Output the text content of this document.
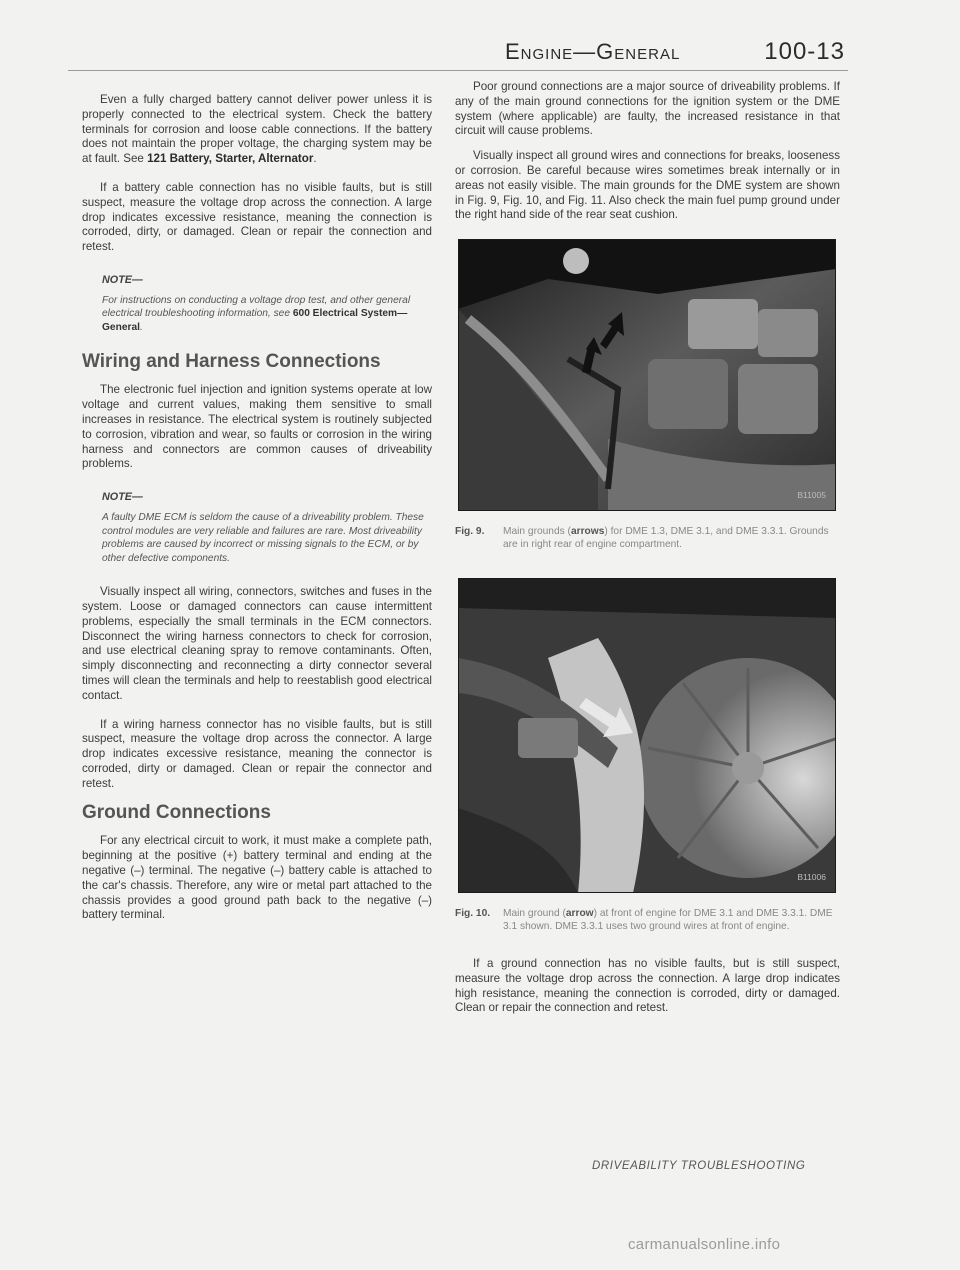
Engine—General	100-13

Even a fully charged battery cannot deliver power unless it is properly connected to the electrical system. Check the battery terminals for corrosion and loose cable connections. If the battery does not maintain the proper voltage, the charging system may be at fault. See 121 Battery, Starter, Alternator.

If a battery cable connection has no visible faults, but is still suspect, measure the voltage drop across the connection. A large drop indicates excessive resistance, meaning the connection is corroded, dirty, or damaged. Clean or repair the connection and retest.

NOTE—
For instructions on conducting a voltage drop test, and other general electrical troubleshooting information, see 600 Electrical System—General.
Wiring and Harness Connections

The electronic fuel injection and ignition systems operate at low voltage and current values, making them sensitive to small increases in resistance. The electrical system is routinely subjected to corrosion, vibration and wear, so faults or corrosion in the wiring harness and connectors are common causes of driveability problems.

NOTE—
A faulty DME ECM is seldom the cause of a driveability problem. These control modules are very reliable and failures are rare. Most driveability problems are caused by incorrect or missing signals to the ECM, or by other defective components.

Visually inspect all wiring, connectors, switches and fuses in the system. Loose or damaged connectors can cause intermittent problems, especially the small terminals in the ECM connectors. Disconnect the wiring harness connectors to check for corrosion, and use electrical cleaning spray to remove contaminants. Often, simply disconnecting and reconnecting a dirty connector several times will clean the terminals and help to reestablish good electrical contact.

If a wiring harness connector has no visible faults, but is still suspect, measure the voltage drop across the connector. A large drop indicates excessive resistance, meaning the connector is corroded, dirty or damaged. Clean or repair the connector and retest.

Ground Connections

For any electrical circuit to work, it must make a complete path, beginning at the positive (+) battery terminal and ending at the negative (–) terminal. The negative (–) battery cable is attached to the car's chassis. Therefore, any wire or metal part attached to the chassis provides a good ground path back to the negative (–) battery terminal.

Poor ground connections are a major source of driveability problems. If any of the main ground connections for the ignition system or the DME system (where applicable) are faulty, the increased resistance in that circuit will cause problems.

Visually inspect all ground wires and connections for breaks, looseness or corrosion. Be careful because wires sometimes break internally or in areas not easily visible. The main grounds for the DME system are shown in Fig. 9, Fig. 10, and Fig. 11. Also check the main fuel pump ground under the right hand side of the rear seat cushion.

B11005
Fig. 9.	Main grounds (arrows) for DME 1.3, DME 3.1, and DME 3.3.1. Grounds are in right rear of engine compartment.
B11006
Fig. 10.	Main ground (arrow) at front of engine for DME 3.1 and DME 3.3.1. DME 3.1 shown. DME 3.3.1 uses two ground wires at front of engine.

If a ground connection has no visible faults, but is still suspect, measure the voltage drop across the connection. A large drop indicates high resistance, meaning the connection is corroded, dirty or damaged. Clean or repair the connection and retest.

DRIVEABILITY TROUBLESHOOTING
carmanualsonline.info
